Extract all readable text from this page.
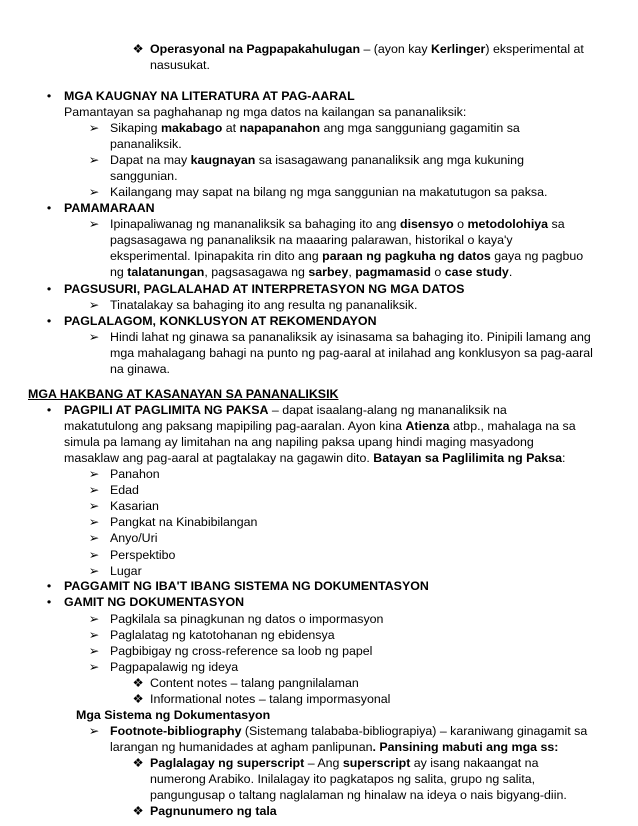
❖ Operasyonal na Pagpapakahulugan – (ayon kay Kerlinger) eksperimental at
nasusukat.
•	MGA KAUGNAY NA LITERATURA AT PAG-AARAL
Pamantayan sa paghahanap ng mga datos na kailangan sa pananaliksik:
➢ Sikaping makabago at napapanahon ang mga sangguniang gagamitin sa
pananaliksik.
➢ Dapat na may kaugnayan sa isasagawang pananaliksik ang mga kukuning
sanggunian.
➢ Kailangang may sapat na bilang ng mga sanggunian na makatutugon sa paksa.
•	PAMAMARAAN
➢ Ipinapaliwanag ng mananaliksik sa bahaging ito ang disensyo o metodolohiya sa
pagsasagawa ng pananaliksik na maaaring palarawan, historikal o kaya'y
eksperimental. Ipinapakita rin dito ang paraan ng pagkuha ng datos gaya ng pagbuo
ng talatanungan, pagsasagawa ng sarbey, pagmamasid o case study.
•	PAGSUSURI, PAGLALAHAD AT INTERPRETASYON NG MGA DATOS
➢ Tinatalakay sa bahaging ito ang resulta ng pananaliksik.
•	PAGLALAGOM, KONKLUSYON AT REKOMENDAYON
➢ Hindi lahat ng ginawa sa pananaliksik ay isinasama sa bahaging ito. Pinipili lamang ang
mga mahalagang bahagi na punto ng pag-aaral at inilahad ang konklusyon sa pag-aaral
na ginawa.
MGA HAKBANG AT KASANAYAN SA PANANALIKSIK
•	PAGPILI AT PAGLIMITA NG PAKSA – dapat isaalang-alang ng mananaliksik na
makatutulong ang paksang mapipiling pag-aaralan. Ayon kina Atienza atbp., mahalaga na sa
simula pa lamang ay limitahan na ang napiling paksa upang hindi maging masyadong
masaklaw ang pag-aaral at pagtalakay na gagawin dito. Batayan sa Paglilimita ng Paksa:
➢ Panahon
➢ Edad
➢ Kasarian
➢ Pangkat na Kinabibilangan
➢ Anyo/Uri
➢ Perspektibo
➢ Lugar
•	PAGGAMIT NG IBA'T IBANG SISTEMA NG DOKUMENTASYON
•	GAMIT NG DOKUMENTASYON
➢ Pagkilala sa pinagkunan ng datos o impormasyon
➢ Paglalatag ng katotohanan ng ebidensya
➢ Pagbibigay ng cross-reference sa loob ng papel
➢ Pagpapalawig ng ideya
❖ Content notes – talang pangnilalaman
❖ Informational notes – talang impormasyonal
Mga Sistema ng Dokumentasyon
➢ Footnote-bibliography (Sistemang talababa-bibliograpiya) – karaniwang ginagamit sa
larangan ng humanidades at agham panlipunan. Pansining mabuti ang mga ss:
❖ Paglalagay ng superscript – Ang superscript ay isang nakaangat na
numerong Arabiko. Inilalagay ito pagkatapos ng salita, grupo ng salita,
pangungusap o taltang naglalaman ng hinalaw na ideya o nais bigyang-diin.
❖ Pagnunumero ng tala
